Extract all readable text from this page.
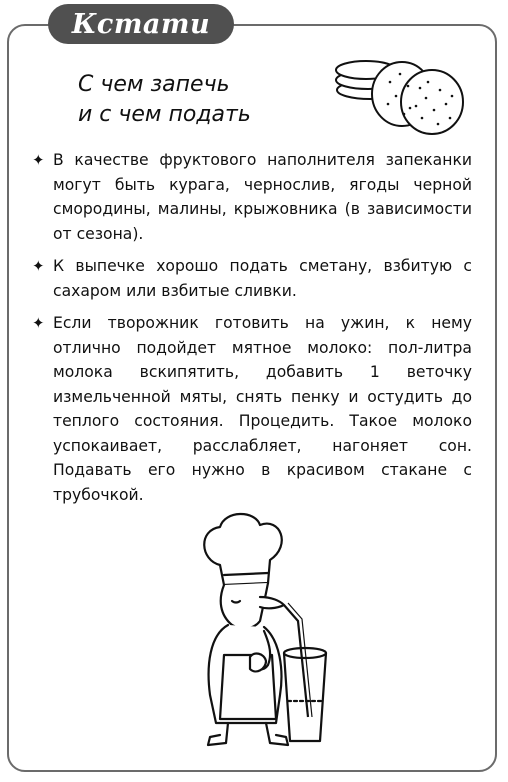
Кстати
С чем запечь
и с чем подать
✦ В качестве фруктового наполнителя запеканки могут быть курага, чернослив, ягоды черной смородины, малины, крыжовника (в зависимости от сезона).
✦ К выпечке хорошо подать сметану, взбитую с сахаром или взбитые сливки.
✦ Если творожник готовить на ужин, к нему отлично подойдет мятное молоко: пол-литра молока вскипятить, добавить 1 веточку измельченной мяты, снять пенку и остудить до теплого состояния. Процедить. Такое молоко успокаивает, расслабляет, нагоняет сон. Подавать его нужно в красивом стакане с трубочкой.
